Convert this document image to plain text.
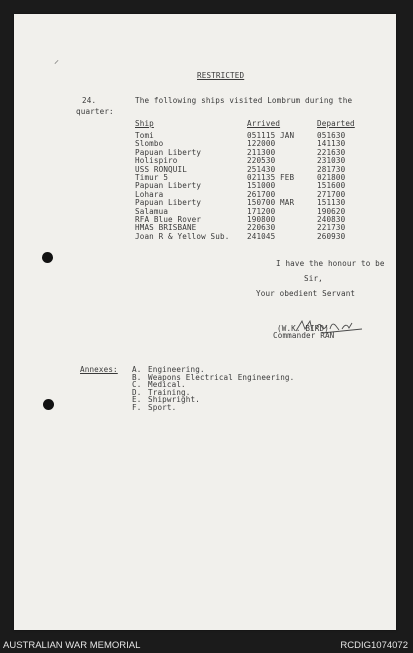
⸝
RESTRICTED
24.	The following ships visited Lombrum during the
quarter:
Ship	Arrived	Departed
Tomi	051115 JAN	051630
Slombo	122000	141130
Papuan Liberty	211300	221630
Holispiro	220530	231030
USS RONQUIL	251430	281730
Timur 5	021135 FEB	021800
Papuan Liberty	151000	151600
Lohara	261700	271700
Papuan Liberty	150700 MAR	151130
Salamua	171200	190620
RFA Blue Rover	190800	240830
HMAS BRISBANE	220630	221730
Joan R & Yellow Sub. 241045	260930
I have the honour to be
Sir,
Your obedient Servant
(W.K. BIRD)
Commander RAN
Annexes: A. Engineering.
B. Weapons Electrical Engineering.
C. Medical.
D. Training.
E. Shipwright.
F. Sport.
AUSTRALIAN WAR MEMORIAL	RCDIG1074072
